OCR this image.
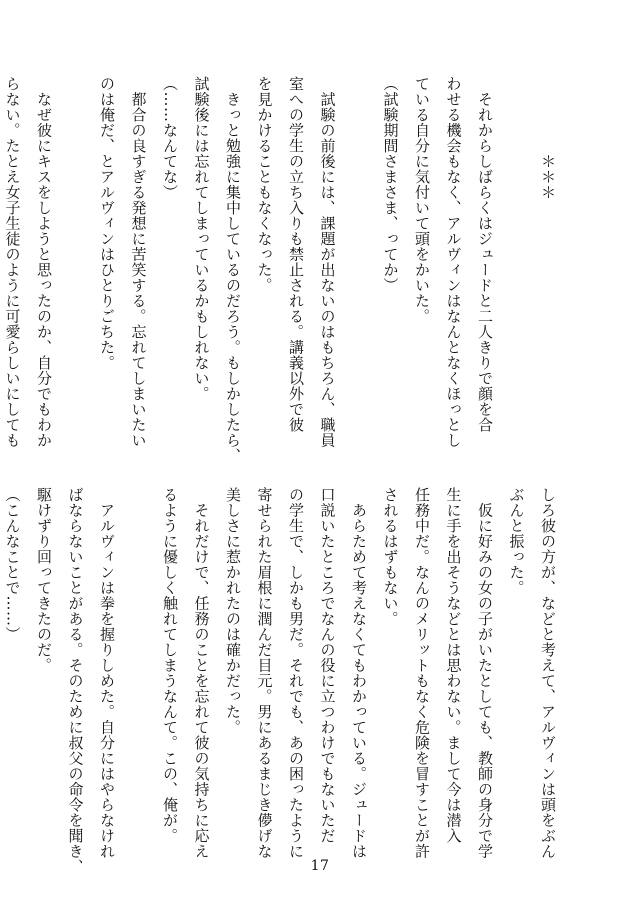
　　　　　＊＊＊

　それからしばらくはジュードと二人きりで顔を合
わせる機会もなく、アルヴィンはなんとなくほっとし
ている自分に気付いて頭をかいた。
（試験期間さまさま、ってか）

　試験の前後には、課題が出ないのはもちろん、職員
室への学生の立ち入りも禁止される。講義以外で彼
を見かけることもなくなった。
　きっと勉強に集中しているのだろう。もしかしたら、
試験後には忘れてしまっているかもしれない。
（……なんてな）
　都合の良すぎる発想に苦笑する。忘れてしまいたい
のは俺だ、とアルヴィンはひとりごちた。

　なぜ彼にキスをしようと思ったのか、自分でもわか
らない。たとえ女子生徒のように可愛らしいにしても
しろ彼の方が、などと考えて、アルヴィンは頭をぶん
ぶんと振った。
　仮に好みの女の子がいたとしても、教師の身分で学
生に手を出そうなどとは思わない。まして今は潜入
任務中だ。なんのメリットもなく危険を冒すことが許
されるはずもない。
　あらためて考えなくてもわかっている。ジュードは
口説いたところでなんの役に立つわけでもないただ
の学生で、しかも男だ。それでも、あの困ったように
寄せられた眉根に潤んだ目元。男にあるまじき儚げな
美しさに惹かれたのは確かだった。
　それだけで、任務のことを忘れて彼の気持ちに応え
るように優しく触れてしまうなんて。この、俺が。

　アルヴィンは拳を握りしめた。自分にはやらなけれ
ばならないことがある。そのために叔父の命令を聞き、
駆けずり回ってきたのだ。
（こんなことで……）
17
